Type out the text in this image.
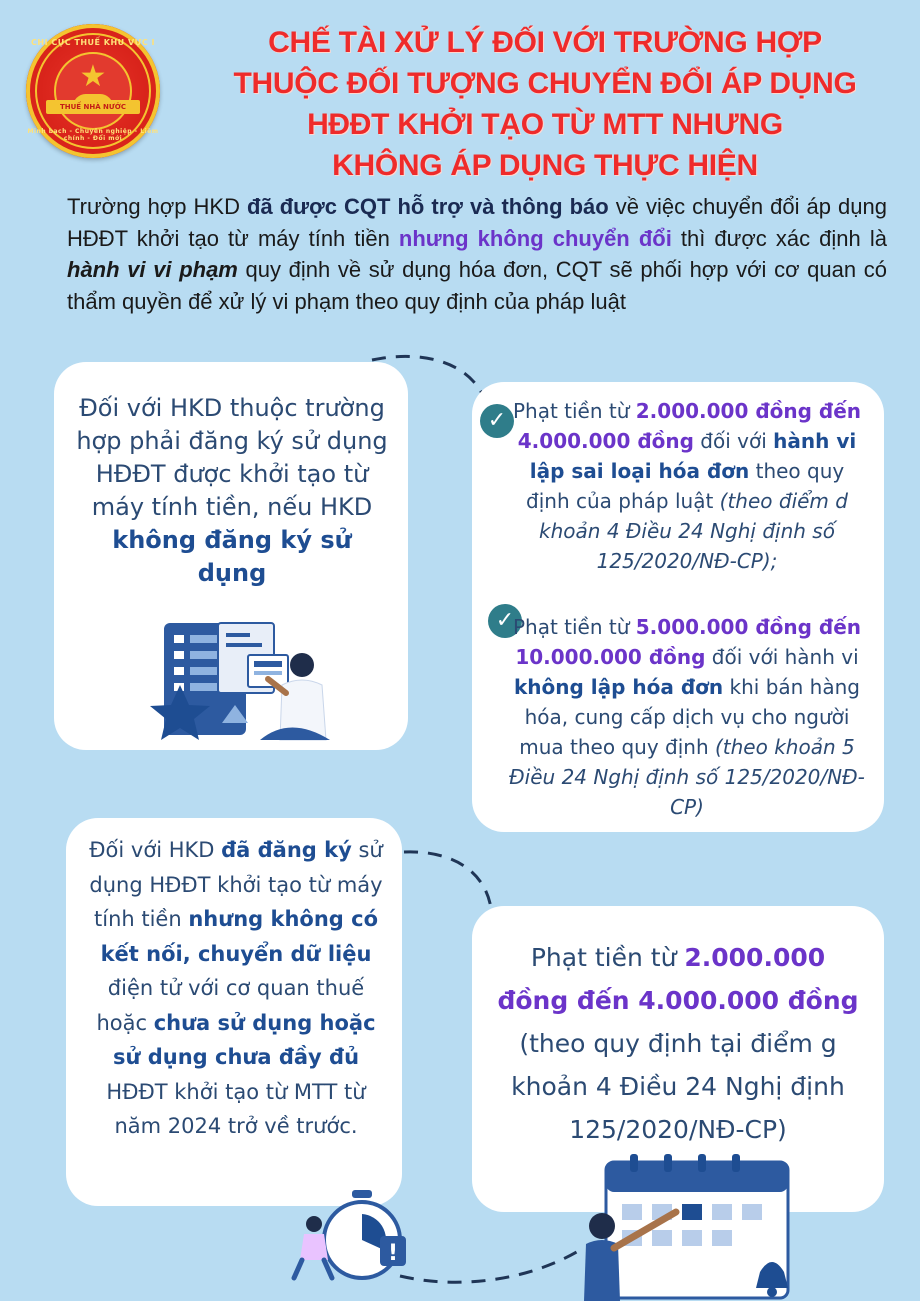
CHI CỤC THUẾ KHU VỰC I
★
THUẾ NHÀ NƯỚC
Minh bạch - Chuyên nghiệp - Liêm chính - Đổi mới
CHẾ TÀI XỬ LÝ ĐỐI VỚI TRƯỜNG HỢP
THUỘC ĐỐI TƯỢNG CHUYỂN ĐỔI ÁP DỤNG
HĐĐT KHỞI TẠO TỪ MTT NHƯNG
KHÔNG ÁP DỤNG THỰC HIỆN
Trường hợp HKD đã được CQT hỗ trợ và thông báo về việc chuyển đổi áp dụng HĐĐT khởi tạo từ máy tính tiền nhưng không chuyển đổi thì được xác định là hành vi vi phạm quy định về sử dụng hóa đơn, CQT sẽ phối hợp với cơ quan có thẩm quyền để xử lý vi phạm theo quy định của pháp luật
Đối với HKD thuộc trường hợp phải đăng ký sử dụng HĐĐT được khởi tạo từ máy tính tiền, nếu HKD không đăng ký sử dụng
✓ Phạt tiền từ 2.000.000 đồng đến 4.000.000 đồng đối với hành vi lập sai loại hóa đơn theo quy định của pháp luật (theo điểm d khoản 4 Điều 24 Nghị định số 125/2020/NĐ-CP);
✓
Phạt tiền từ 5.000.000 đồng đến 10.000.000 đồng đối với hành vi không lập hóa đơn khi bán hàng hóa, cung cấp dịch vụ cho người mua theo quy định (theo khoản 5 Điều 24 Nghị định số 125/2020/NĐ-CP)
Đối với HKD đã đăng ký sử dụng HĐĐT khởi tạo từ máy tính tiền nhưng không có kết nối, chuyển dữ liệu điện tử với cơ quan thuế hoặc chưa sử dụng hoặc sử dụng chưa đầy đủ HĐĐT khởi tạo từ MTT từ năm 2024 trở về trước.
!
Phạt tiền từ 2.000.000 đồng đến 4.000.000 đồng (theo quy định tại điểm g khoản 4 Điều 24 Nghị định 125/2020/NĐ-CP)
